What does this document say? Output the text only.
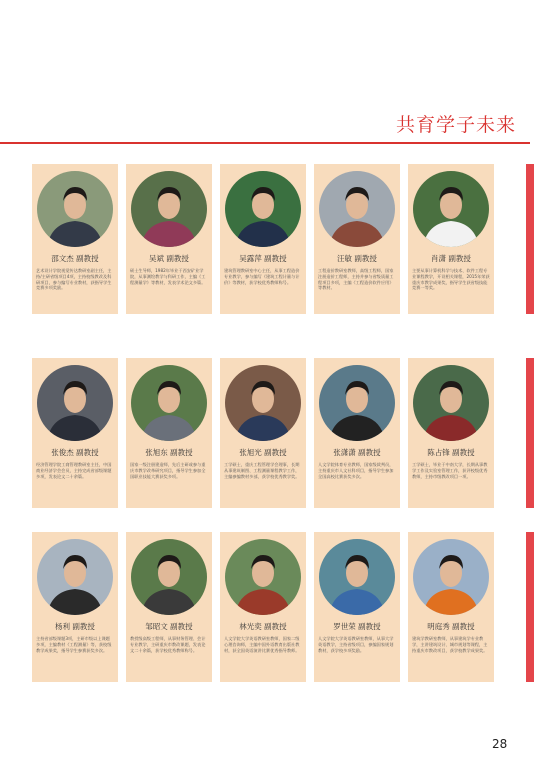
共育学子未来
邵文杰 副教授
艺术设计学院视觉传达教研室副主任，主持/主研省级项目4项，主持校级教改及科研项目，参与编写专业教材，获指导学生竞赛多项奖励。
吴斌 副教授
硕士生导师，1982年毕业于西安矿业学院，从事测绘教学与科研工作，主编《工程测量学》等教材，发表学术论文多篇。
吴露萍 副教授
建筑管理教研室中心主任，从事工程造价专业教学，参与编写《建筑工程计量与计价》等教材，获学校优秀教师称号。
汪敏 副教授
工程造价教研室教师，高级工程师，国家注册造价工程师，主持并参与省级质量工程项目多项，主编《工程造价软件应用》等教材。
肖潇 副教授
主要从事计算机科学与技术、软件工程专业课程教学，开设相关课程，2015年荣获重庆市教学成果奖，指导学生获省级技能竞赛一等奖。
张俊杰 副教授
经济管理学院工商管理教研室主任，中国商业经济学会会员，主持完成省部级课题多项，发表论文二十余篇。
张旭东 副教授
国家一级注册建造师，先后主研或参与重庆市教学改革研究项目，指导学生参加全国职业技能大赛获奖多项。
张旭光 副教授
工学硕士，重庆工程管理学会理事，长期从事建筑制图、工程测量课程教学工作，主编参编教材多部，获学校优秀教学奖。
张潇潇 副教授
人文学院体育专业教师，国家级裁判员，主持重庆市人文社科项目，指导学生参加全国高校比赛获奖多次。
陈占锋 副教授
工学硕士，毕业于中南大学，长期从事教学工作及实验室管理工作，获评校级优秀教师，主持市级教改项目一项。
杨利 副教授
主持省部级课题3项，主研市级以上课题多项，主编教材《工程测量》等，获校级教学成果奖，指导学生参赛获奖多次。
邹昭文 副教授
教授级高级工程师，从事财务管理、会计专业教学，主研重庆市教改课题，发表论文二十余篇，获学校优秀教师称号。
林光奕 副教授
人文学院大学英语教研室教师，国家二级心理咨询师，主编中国外语教育出版社教材，获全国英语演讲比赛优秀指导教师。
罗世荣 副教授
人文学院大学英语教研室教师，从事大学英语教学，主持省级项目，参编国家规划教材，获学校多项奖励。
明庭秀 副教授
建筑学教研室教师，从事建筑学专业教学，主讲建筑设计、城市规划等课程，主持重庆市教改项目，获学校教学成果奖。
28
